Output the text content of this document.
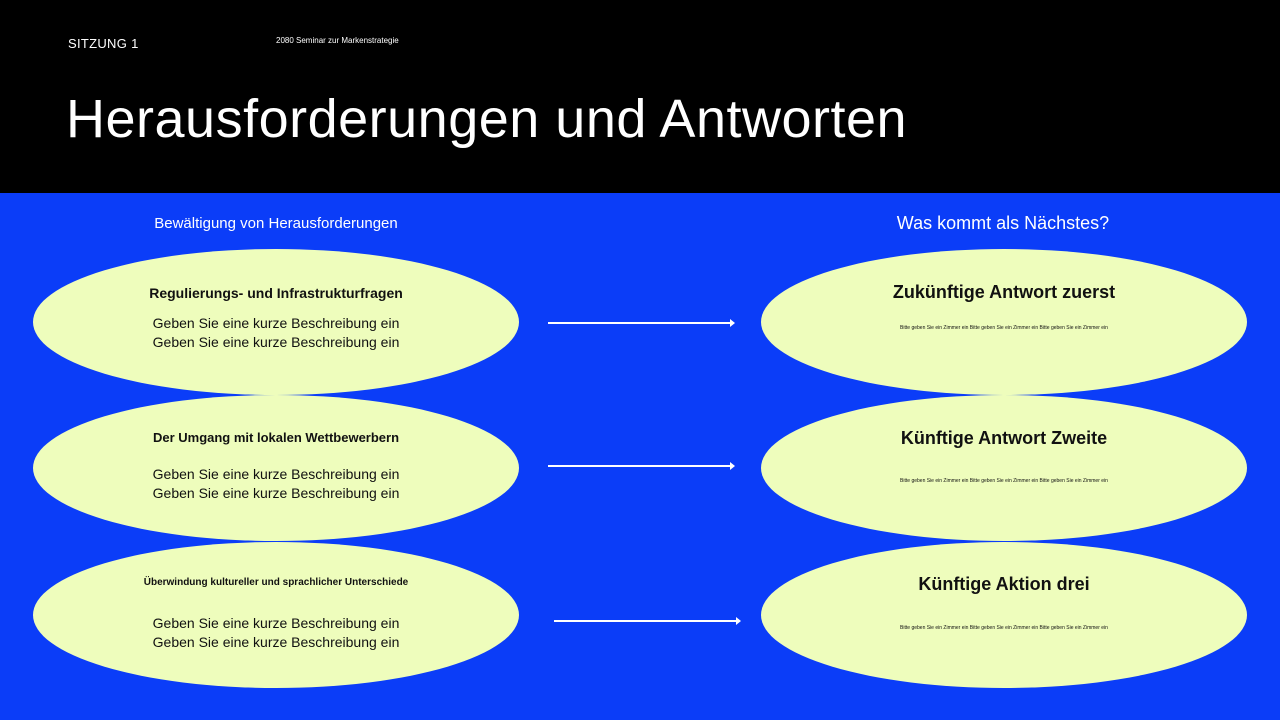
SITZUNG 1	2080 Seminar zur Markenstrategie
Herausforderungen und Antworten
Bewältigung von Herausforderungen	Was kommt als Nächstes?
Regulierungs- und Infrastrukturfragen
Geben Sie eine kurze Beschreibung ein
Geben Sie eine kurze Beschreibung ein
Der Umgang mit lokalen Wettbewerbern
Geben Sie eine kurze Beschreibung ein
Geben Sie eine kurze Beschreibung ein
Überwindung kultureller und sprachlicher Unterschiede
Geben Sie eine kurze Beschreibung ein
Geben Sie eine kurze Beschreibung ein
Zukünftige Antwort zuerst
Bitte geben Sie ein Zimmer ein Bitte geben Sie ein Zimmer ein Bitte geben Sie ein Zimmer ein
Künftige Antwort Zweite
Bitte geben Sie ein Zimmer ein Bitte geben Sie ein Zimmer ein Bitte geben Sie ein Zimmer ein
Künftige Aktion drei
Bitte geben Sie ein Zimmer ein Bitte geben Sie ein Zimmer ein Bitte geben Sie ein Zimmer ein
